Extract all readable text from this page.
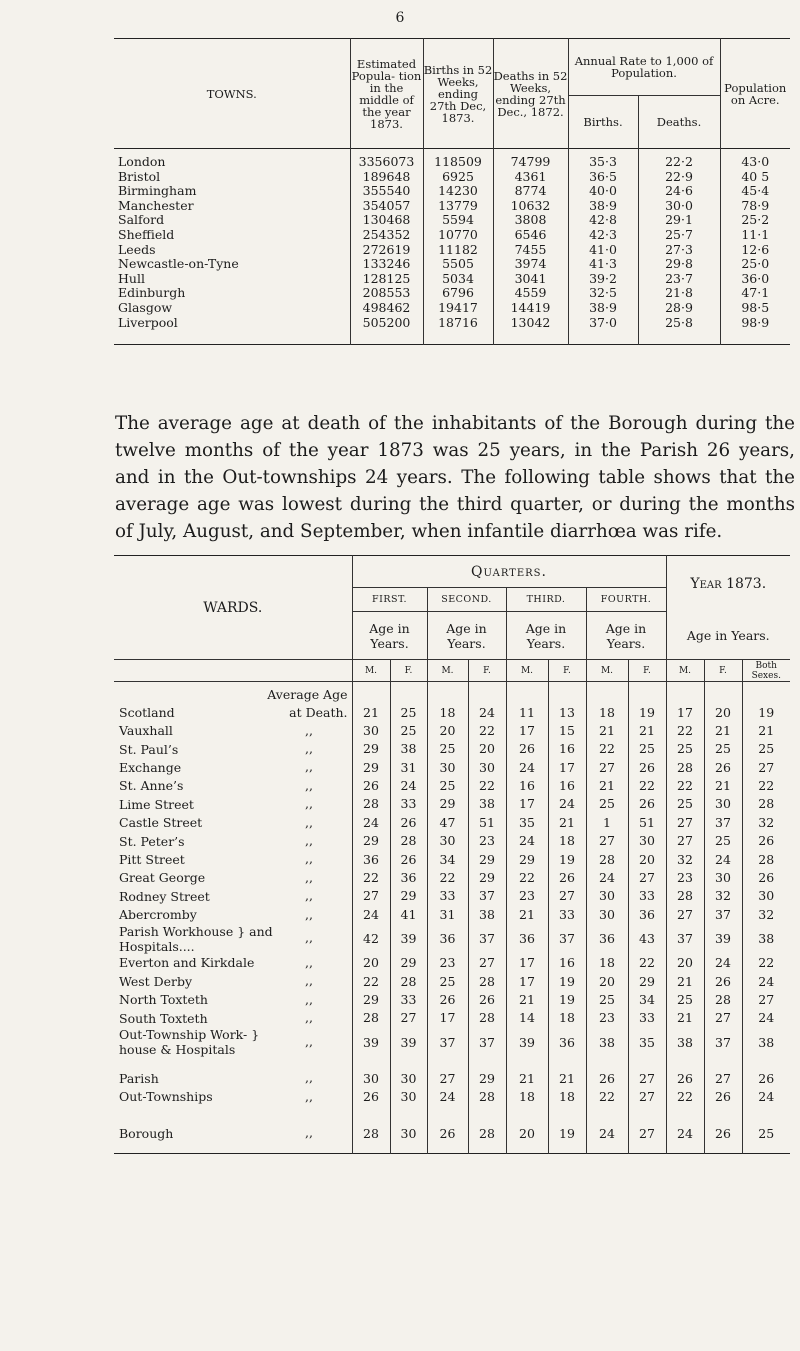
6
TOWNS.	Estimated Popula- tion in the middle of the year 1873.	Births in 52 Weeks, ending 27th Dec, 1873.	Deaths in 52 Weeks, ending 27th Dec., 1872.	Annual Rate to 1,000 of Population.		Population on Acre.
				Births.	Deaths.	
London	3356073	118509	74799	35·3	22·2	43·0
Bristol	189648	6925	4361	36·5	22·9	40 5
Birmingham	355540	14230	8774	40·0	24·6	45·4
Manchester	354057	13779	10632	38·9	30·0	78·9
Salford	130468	5594	3808	42·8	29·1	25·2
Sheffield	254352	10770	6546	42·3	25·7	11·1
Leeds	272619	11182	7455	41·0	27·3	12·6
Newcastle-on-Tyne	133246	5505	3974	41·3	29·8	25·0
Hull	128125	5034	3041	39·2	23·7	36·0
Edinburgh	208553	6796	4559	32·5	21·8	47·1
Glasgow	498462	19417	14419	38·9	28·9	98·5
Liverpool	505200	18716	13042	37·0	25·8	98·9
The average age at death of the inhabitants of the Borough during the twelve months of the year 1873 was 25 years, in the Parish 26 years, and in the Out-townships 24 years. The following table shows that the average age was lowest during the third quarter, or during the months of July, August, and September, when infantile diarrhœa was rife.
WARDS.	Quarters.								Year 1873.		
	FIRST.		SECOND.		THIRD.		FOURTH.				
	Age in Years.		Age in Years.		Age in Years.		Age in Years.		Age in Years.		
	M.	F.	M.	F.	M.	F.	M.	F.	M.	F.	Both Sexes.
Average Age											
Scotland at Death.	21	25	18	24	11	13	18	19	17	20	19
Vauxhall ,,	30	25	20	22	17	15	21	21	22	21	21
St. Paul’s ,,	29	38	25	20	26	16	22	25	25	25	25
Exchange ,,	29	31	30	30	24	17	27	26	28	26	27
St. Anne’s ,,	26	24	25	22	16	16	21	22	22	21	22
Lime Street ,,	28	33	29	38	17	24	25	26	25	30	28
Castle Street ,,	24	26	47	51	35	21	1	51	27	37	32
St. Peter’s ,,	29	28	30	23	24	18	27	30	27	25	26
Pitt Street ,,	36	26	34	29	29	19	28	20	32	24	28
Great George ,,	22	36	22	29	22	26	24	27	23	30	26
Rodney Street ,,	27	29	33	37	23	27	30	33	28	32	30
Abercromby ,,	24	41	31	38	21	33	30	36	27	37	32
Parish Workhouse } and Hospitals....,,	42	39	36	37	36	37	36	43	37	39	38
Everton and Kirkdale ,,	20	29	23	27	17	16	18	22	20	24	22
West Derby ,,	22	28	25	28	17	19	20	29	21	26	24
North Toxteth ,,	29	33	26	26	21	19	25	34	25	28	27
South Toxteth ,,	28	27	17	28	14	18	23	33	21	27	24
Out-Township Work- } house & Hospitals,,	39	39	37	37	39	36	38	35	38	37	38
Parish ,,	30	30	27	29	21	21	26	27	26	27	26
Out-Townships ,,	26	30	24	28	18	18	22	27	22	26	24
Borough ,,	28	30	26	28	20	19	24	27	24	26	25
